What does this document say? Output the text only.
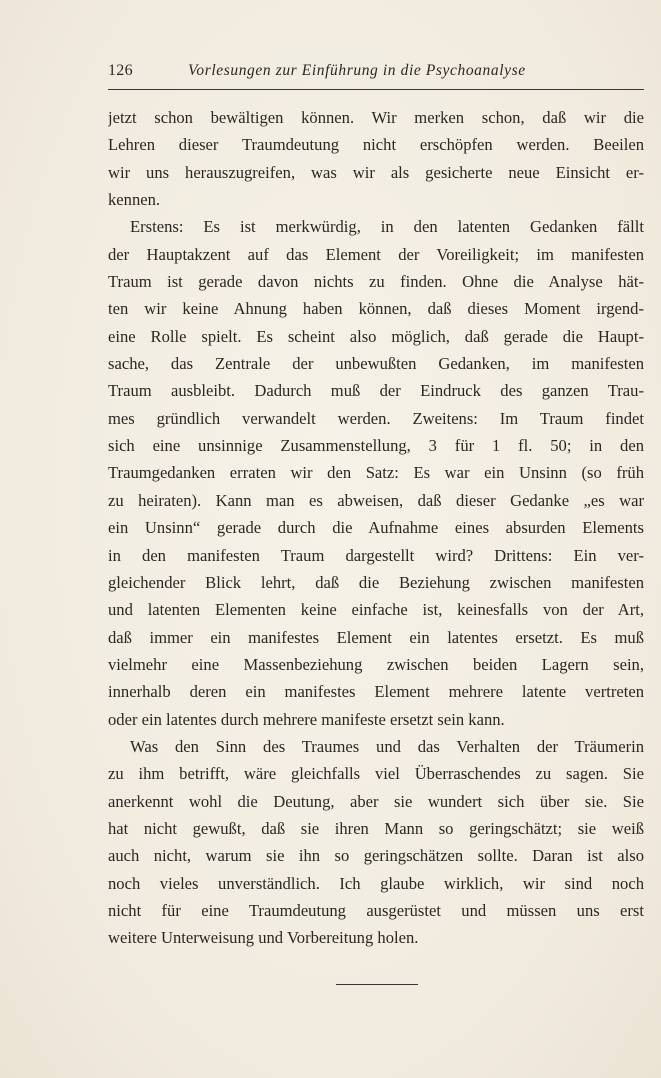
126	Vorlesungen zur Einführung in die Psychoanalyse
jetzt schon bewältigen können. Wir merken schon, daß wir die
Lehren dieser Traumdeutung nicht erschöpfen werden. Beeilen
wir uns herauszugreifen, was wir als gesicherte neue Einsicht er-
kennen.
Erstens: Es ist merkwürdig, in den latenten Gedanken fällt
der Hauptakzent auf das Element der Voreiligkeit; im manifesten
Traum ist gerade davon nichts zu finden. Ohne die Analyse hät-
ten wir keine Ahnung haben können, daß dieses Moment irgend-
eine Rolle spielt. Es scheint also möglich, daß gerade die Haupt-
sache, das Zentrale der unbewußten Gedanken, im manifesten
Traum ausbleibt. Dadurch muß der Eindruck des ganzen Trau-
mes gründlich verwandelt werden. Zweitens: Im Traum findet
sich eine unsinnige Zusammenstellung, 3 für 1 fl. 50; in den
Traumgedanken erraten wir den Satz: Es war ein Unsinn (so früh
zu heiraten). Kann man es abweisen, daß dieser Gedanke „es war
ein Unsinn“ gerade durch die Aufnahme eines absurden Elements
in den manifesten Traum dargestellt wird? Drittens: Ein ver-
gleichender Blick lehrt, daß die Beziehung zwischen manifesten
und latenten Elementen keine einfache ist, keinesfalls von der Art,
daß immer ein manifestes Element ein latentes ersetzt. Es muß
vielmehr eine Massenbeziehung zwischen beiden Lagern sein,
innerhalb deren ein manifestes Element mehrere latente vertreten
oder ein latentes durch mehrere manifeste ersetzt sein kann.
Was den Sinn des Traumes und das Verhalten der Träumerin
zu ihm betrifft, wäre gleichfalls viel Überraschendes zu sagen. Sie
anerkennt wohl die Deutung, aber sie wundert sich über sie. Sie
hat nicht gewußt, daß sie ihren Mann so geringschätzt; sie weiß
auch nicht, warum sie ihn so geringschätzen sollte. Daran ist also
noch vieles unverständlich. Ich glaube wirklich, wir sind noch
nicht für eine Traumdeutung ausgerüstet und müssen uns erst
weitere Unterweisung und Vorbereitung holen.
